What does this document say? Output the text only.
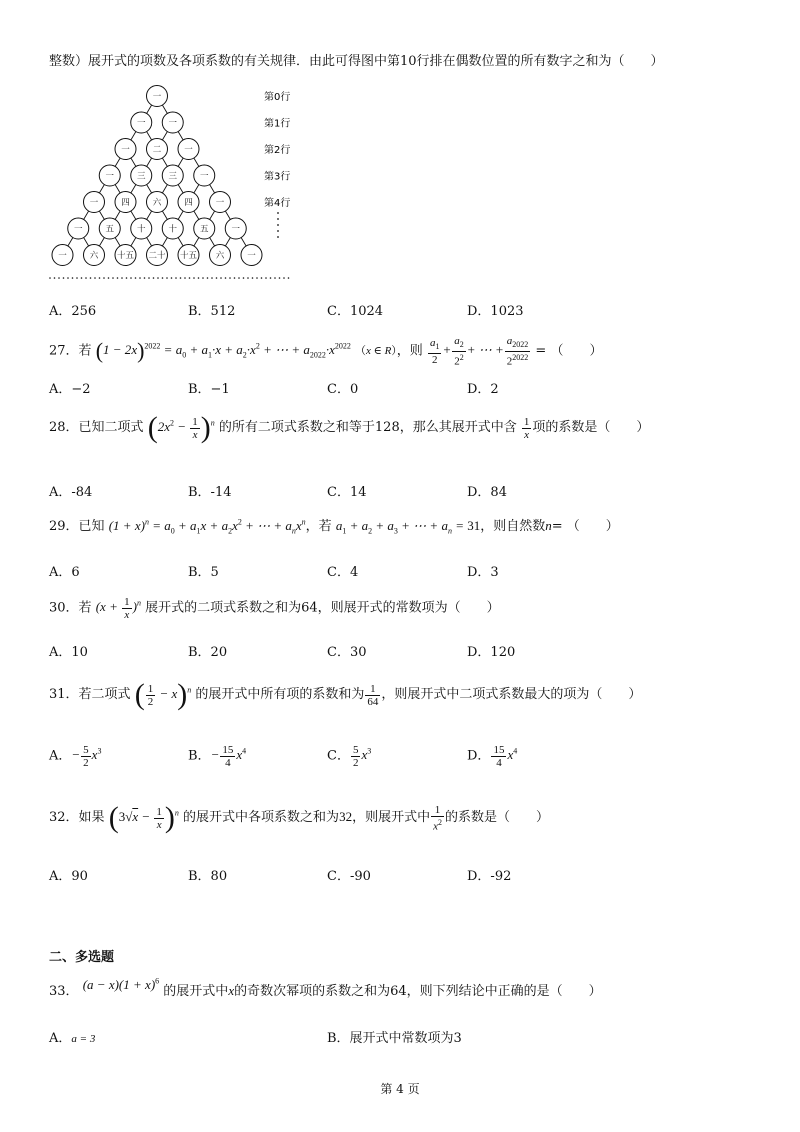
整数）展开式的项数及各项系数的有关规律．由此可得图中第10行排在偶数位置的所有数字之和为（　　）
一
一	一
一	二	一
一	三	三	一
一	四	六	四	一
一	五	十	十	五	一
一	六 十五 二十 十五 六	一
第0行
第1行
第2行
第3行
第4行
A．256	B．512	C．1024	D．1023
27．若 $(1 - 2x)^{2022} = a_0 + a_1\cdot x + a_2\cdot x^2$ + ⋯ + $a_{2022}\cdot x^{2022}$ （x ∈ R），则 $\frac{a_1}{2} + \frac{a_2}{2^2}$ + ⋯ + $\frac{a_{2022}}{2^{2022}}$ = （　　）
A．−2	B．−1	C．0	D．2
28．已知二项式 $(2x^2 - \frac{1}{x} )^n$ 的所有二项式系数之和等于128，那么其展开式中含 $\frac{1}{x}$ 项的系数是（　　）
A．-84	B．-14	C．14	D．84
29．已知 $(1 + x)^n = a_0 + a_1x + a_2x^2$ + ⋯ + $a_nx^n$，若 $a_1 + a_2 + a_3$ + ⋯ + $a_n = 31$，则自然数n= （　　）
A．6	B．5	C．4	D．3
30．若 $(x + \frac{1}{x} )^n$ 展开式的二项式系数之和为64，则展开式的常数项为（　　）
A．10	B．20	C．30	D．120
31．若二项式 ( $\frac{1}{2} - x)^n$ 的展开式中所有项的系数和为 $\frac{1}{64}$ ，则展开式中二项式系数最大的项为（　　）
A．− $\frac{5}{2} x^3$	B．− $\frac{15}{4} x^4$	C． $\frac{5}{2} x^3$	D． $\frac{15}{4} x^4$
32．如果 $(3√x - \frac{1}{x} )^n$ 的展开式中各项系数之和为32，则展开式中 $\frac{1}{x^2}$ 的系数是（　　）
A．90	B．80	C．-90	D．-92
二、多选题
33． $(a - x)(1 + x)^6$ 的展开式中x的奇数次幂项的系数之和为64，则下列结论中正确的是（　　）
A．a = 3	B．展开式中常数项为3
第 4 页
